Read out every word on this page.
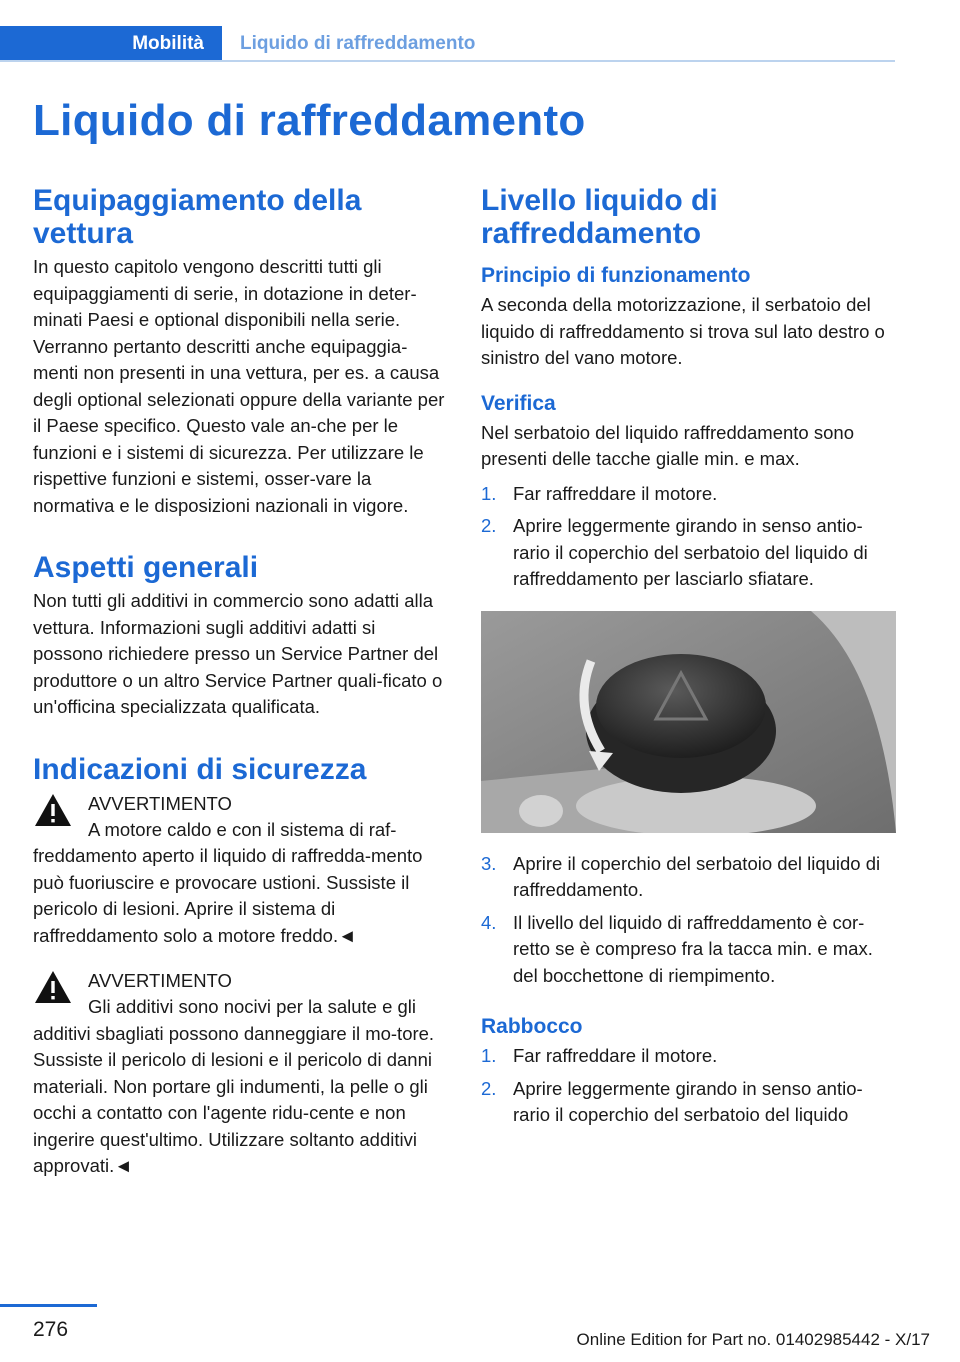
Mobilità	Liquido di raffreddamento
Liquido di raffreddamento
Equipaggiamento della vettura

In questo capitolo vengono descritti tutti gli equipaggiamenti di serie, in dotazione in deter-minati Paesi e optional disponibili nella serie. Verranno pertanto descritti anche equipaggia-menti non presenti in una vettura, per es. a causa degli optional selezionati oppure della variante per il Paese specifico. Questo vale an-che per le funzioni e i sistemi di sicurezza. Per utilizzare le rispettive funzioni e sistemi, osser-vare la normativa e le disposizioni nazionali in vigore.

Aspetti generali

Non tutti gli additivi in commercio sono adatti alla vettura. Informazioni sugli additivi adatti si possono richiedere presso un Service Partner del produttore o un altro Service Partner quali-ficato o un'officina specializzata qualificata.

Indicazioni di sicurezza
AVVERTIMENTO

A motore caldo e con il sistema di raf-

freddamento aperto il liquido di raffredda-mento può fuoriuscire e provocare ustioni. Sussiste il pericolo di lesioni. Aprire il sistema di raffreddamento solo a motore freddo.◄

AVVERTIMENTO

Gli additivi sono nocivi per la salute e gli

additivi sbagliati possono danneggiare il mo-tore. Sussiste il pericolo di lesioni e il pericolo di danni materiali. Non portare gli indumenti, la pelle o gli occhi a contatto con l'agente ridu-cente e non ingerire quest'ultimo. Utilizzare soltanto additivi approvati.◄

Livello liquido di raffreddamento
Principio di funzionamento

A seconda della motorizzazione, il serbatoio del liquido di raffreddamento si trova sul lato destro o sinistro del vano motore.

Verifica

Nel serbatoio del liquido raffreddamento sono presenti delle tacche gialle min. e max.

1. Far raffreddare il motore.
2. Aprire leggermente girando in senso antio-rario il coperchio del serbatoio del liquido di raffreddamento per lasciarlo sfiatare.
3. Aprire il coperchio del serbatoio del liquido di raffreddamento.
4. Il livello del liquido di raffreddamento è cor-retto se è compreso fra la tacca min. e max. del bocchettone di riempimento.
Rabbocco
1. Far raffreddare il motore.
2. Aprire leggermente girando in senso antio-rario il coperchio del serbatoio del liquido
276	Online Edition for Part no. 01402985442 - X/17
